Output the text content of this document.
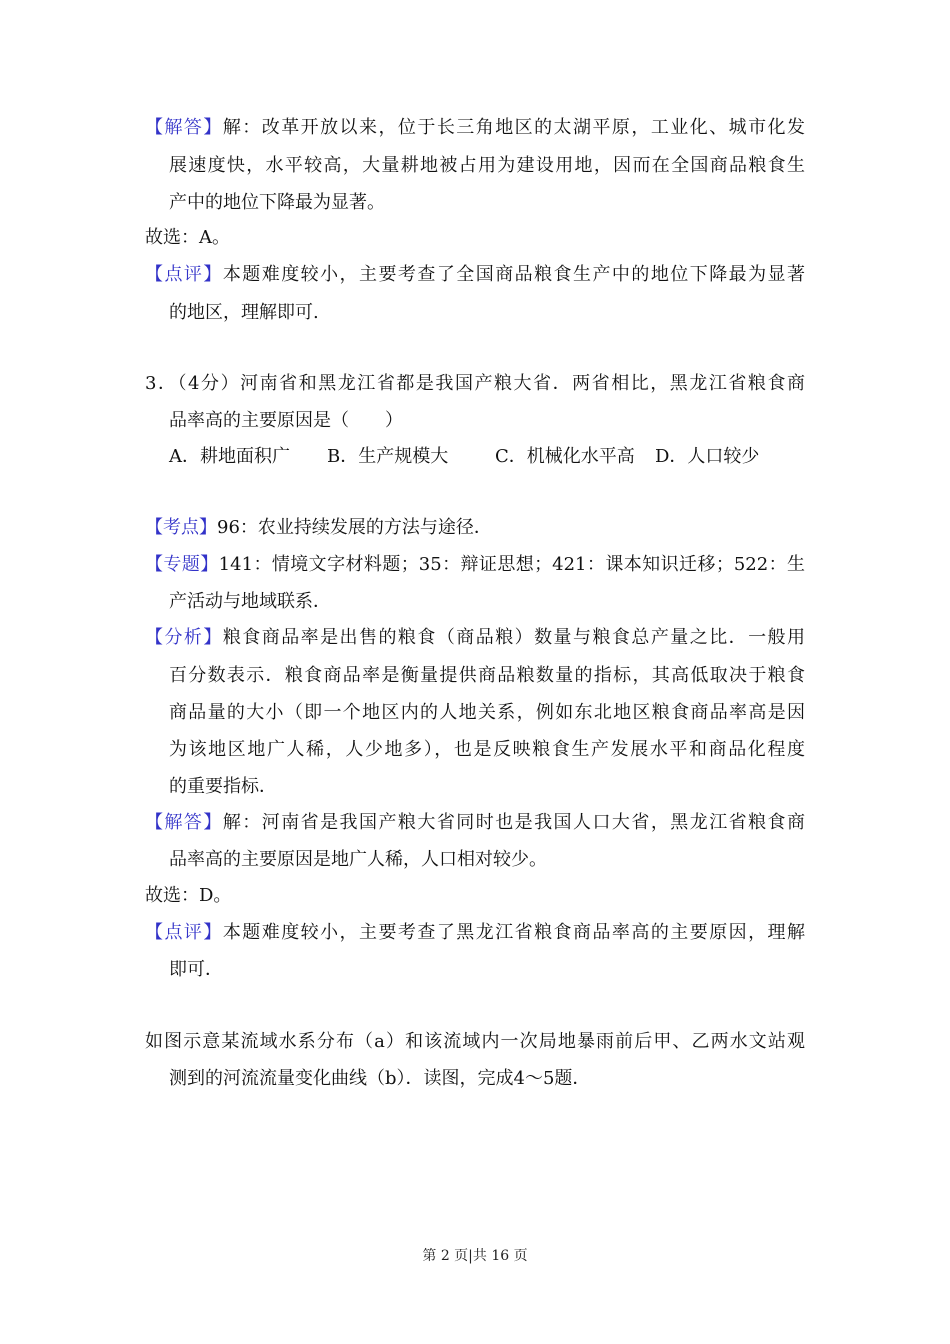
【解答】解：改革开放以来，位于长三角地区的太湖平原，工业化、城市化发
展速度快，水平较高，大量耕地被占用为建设用地，因而在全国商品粮食生
产中的地位下降最为显著。
故选：A。
【点评】本题难度较小，主要考查了全国商品粮食生产中的地位下降最为显著
的地区，理解即可.
3．（4分）河南省和黑龙江省都是我国产粮大省．两省相比，黑龙江省粮食商
品率高的主要原因是（　　）
A．耕地面积广 B．生产规模大	C．机械化水平高 D．人口较少
【考点】96：农业持续发展的方法与途径．
【专题】141：情境文字材料题；35：辩证思想；421：课本知识迁移；522：生
产活动与地域联系．
【分析】粮食商品率是出售的粮食（商品粮）数量与粮食总产量之比．一般用
百分数表示．粮食商品率是衡量提供商品粮数量的指标，其高低取决于粮食
商品量的大小（即一个地区内的人地关系，例如东北地区粮食商品率高是因
为该地区地广人稀，人少地多），也是反映粮食生产发展水平和商品化程度
的重要指标．
【解答】解：河南省是我国产粮大省同时也是我国人口大省，黑龙江省粮食商
品率高的主要原因是地广人稀，人口相对较少。
故选：D。
【点评】本题难度较小，主要考查了黑龙江省粮食商品率高的主要原因，理解
即可．
如图示意某流域水系分布（a）和该流域内一次局地暴雨前后甲、乙两水文站观
测到的河流流量变化曲线（b）．读图，完成4～5题．
第 2 页|共 16 页
